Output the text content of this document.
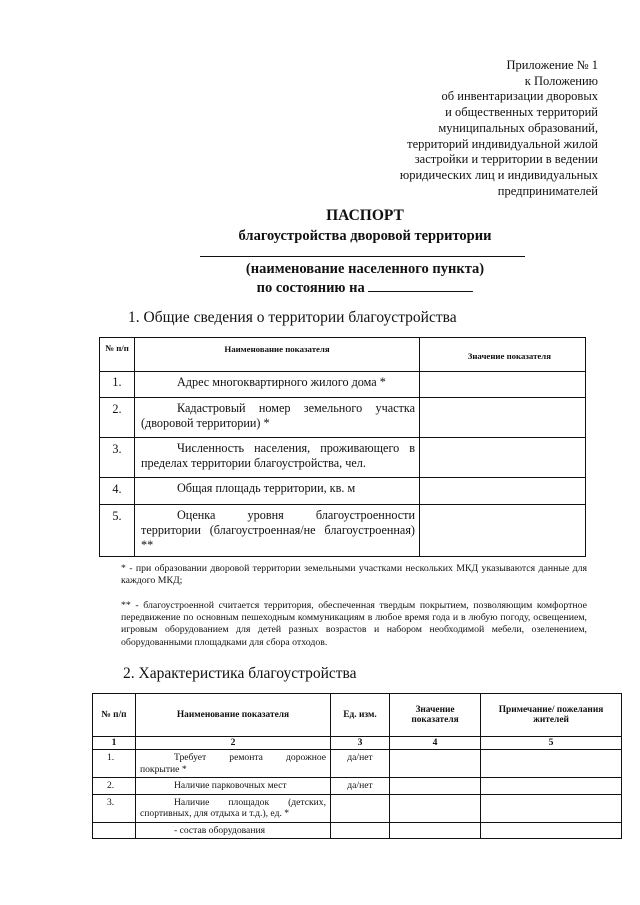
Приложение № 1
к Положению
об инвентаризации дворовых
и общественных территорий
муниципальных образований,
территорий индивидуальной жилой
застройки и территории в ведении
юридических лиц и индивидуальных
предпринимателей
ПАСПОРТ
благоустройства дворовой территории
(наименование населенного пункта)
по состоянию на
1. Общие сведения о территории благоустройства
№ п/п	Наименование показателя	Значение показателя
1.	Адрес многоквартирного жилого дома *	
2.	Кадастровый номер земельного участка (дворовой территории) *	
3.	Численность населения, проживающего в пределах территории благоустройства, чел.	
4.	Общая площадь территории, кв. м	
5.	Оценка уровня благоустроенности территории (благоустроенная/не благоустроенная) **	
* - при образовании дворовой территории земельными участками нескольких МКД указываются данные для каждого МКД;
** - благоустроенной считается территория, обеспеченная твердым покрытием, позволяющим комфортное передвижение по основным пешеходным коммуникациям в любое время года и в любую погоду, освещением, игровым оборудованием для детей разных возрастов и набором необходимой мебели, озеленением, оборудованными площадками для сбора отходов.
2. Характеристика благоустройства
№ п/п	Наименование показателя	Ед. изм.	Значение показателя	Примечание/ пожелания жителей
1	2	3	4	5
1.	Требует ремонта дорожное покрытие *	да/нет		
2.	Наличие парковочных мест	да/нет		
3.	Наличие площадок (детских, спортивных, для отдыха и т.д.), ед. *			
	- состав оборудования			
